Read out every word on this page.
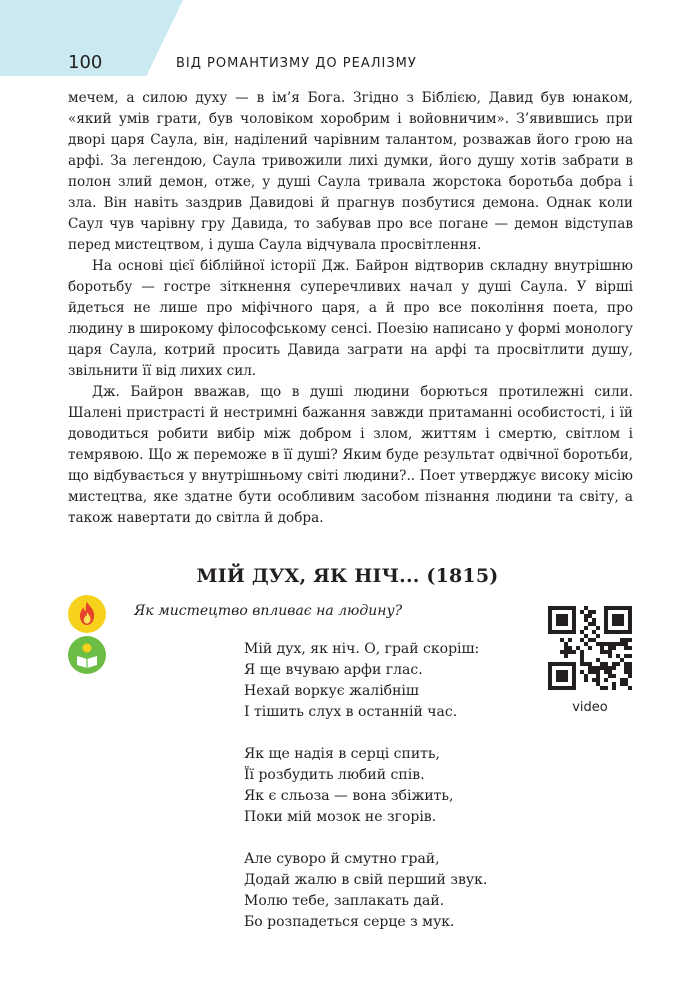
100	ВІД РОМАНТИЗМУ ДО РЕАЛІЗМУ

мечем, а силою духу — в ім’я Бога. Згідно з Біблією, Давид був юнаком, «який умів грати, був чоловіком хоробрим і войовничим». З’явившись при дворі царя Саула, він, наділений чарівним талантом, розважав його грою на арфі. За легендою, Саула тривожили лихі думки, його душу хотів забрати в полон злий демон, отже, у душі Саула тривала жорстока боротьба добра і зла. Він навіть заздрив Давидові й прагнув позбутися демона. Однак коли Саул чув чарівну гру Давида, то забував про все погане — демон відступав перед мистецтвом, і душа Саула відчувала просвітлення.

На основі цієї біблійної історії Дж. Байрон відтворив складну внутрішню боротьбу — гостре зіткнення суперечливих начал у душі Саула. У вірші йдеться не лише про міфічного царя, а й про все покоління поета, про людину в широкому філософському сенсі. Поезію написано у формі монологу царя Саула, котрий просить Давида заграти на арфі та просвітлити душу, звільнити її від лихих сил.

Дж. Байрон вважав, що в душі людини борються протилежні сили. Шалені пристрасті й нестримні бажання завжди притаманні особистості, і їй доводиться робити вибір між добром і злом, життям і смертю, світлом і темрявою. Що ж переможе в її душі? Яким буде результат одвічної боротьби, що відбувається у внутрішньому світі людини?.. Поет утверджує високу місію мистецтва, яке здатне бути особливим засобом пізнання людини та світу, а також навертати до світла й добра.

МІЙ ДУХ, ЯК НІЧ... (1815)
Як мистецтво впливає на людину?
Мій дух, як ніч. О, грай скоріш:
Я ще вчуваю арфи глас.
Нехай воркує жалібніш
І тішить слух в останній час.
Як ще надія в серці спить,
Її розбудить любий спів.
Як є сльоза — вона збіжить,
Поки мій мозок не згорів.
Але суворо й смутно грай,
Додай жалю в свій перший звук.
Молю тебе, заплакать дай.
Бо розпадеться серце з мук.
video
